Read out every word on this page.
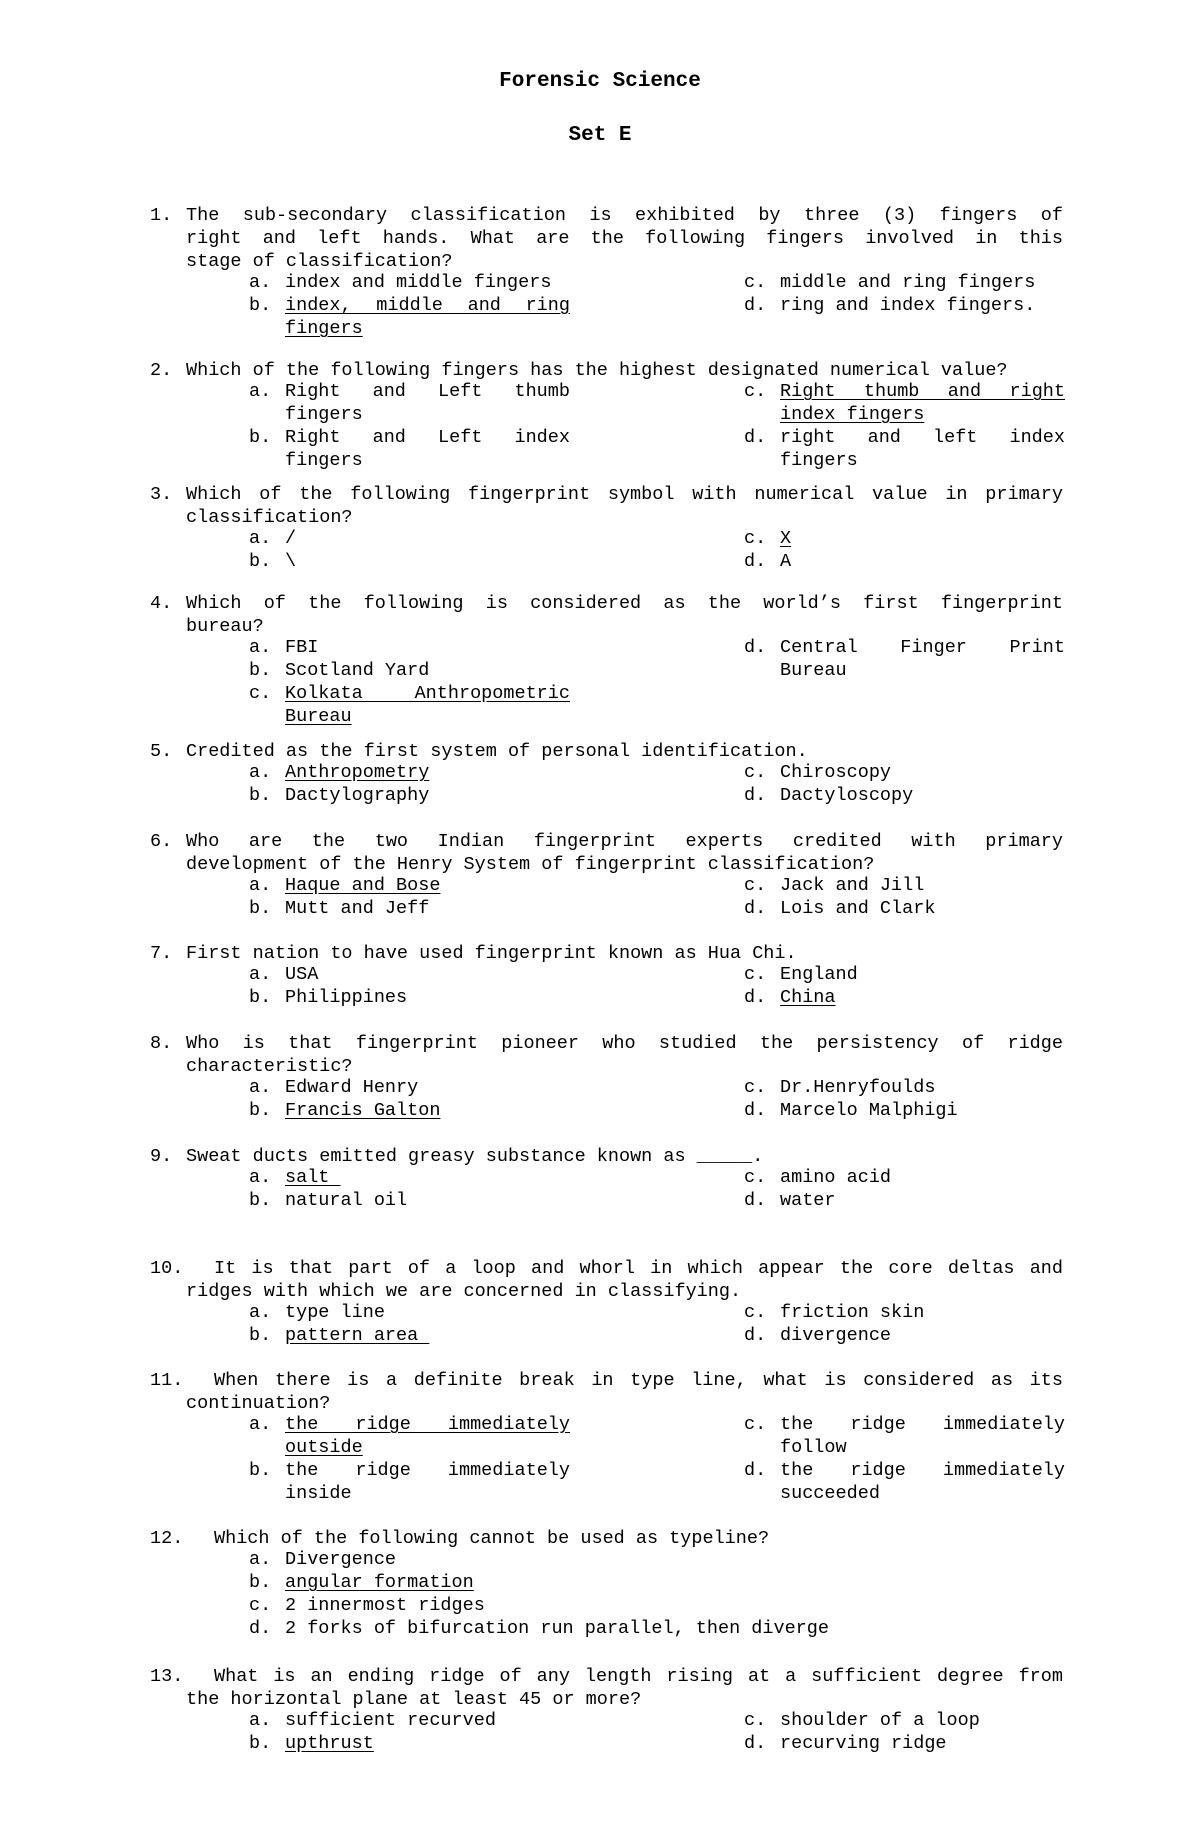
Forensic Science
Set E
1. The sub-secondary classification is exhibited by three (3) fingers of
right and left hands. What are the following fingers involved in this
stage of classification?
a. index and middle fingers
b. index, middle and ring
fingers
c. middle and ring fingers
d. ring and index fingers.
2. Which of the following fingers has the highest designated numerical value?
a. Right and Left thumb
fingers
b. Right and Left index
fingers
c. Right thumb and right
index fingers
d. right and left index
fingers
3. Which of the following fingerprint symbol with numerical value in primary
classification?
a. /
b. \
c. X
d. A
4. Which of the following is considered as the world’s first fingerprint
bureau?
a. FBI
b. Scotland Yard
c. Kolkata Anthropometric
Bureau
d. Central Finger Print
Bureau
5. Credited as the first system of personal identification.
a. Anthropometry
b. Dactylography
c. Chiroscopy
d. Dactyloscopy
6. Who are the two Indian fingerprint experts credited with primary
development of the Henry System of fingerprint classification?
a. Haque and Bose
b. Mutt and Jeff
c. Jack and Jill
d. Lois and Clark
7. First nation to have used fingerprint known as Hua Chi.
a. USA
b. Philippines
c. England
d. China
8. Who is that fingerprint pioneer who studied the persistency of ridge
characteristic?
a. Edward Henry
b. Francis Galton
c. Dr.Henryfoulds
d. Marcelo Malphigi
9. Sweat ducts emitted greasy substance known as _____.
a. salt
b. natural oil
c. amino acid
d. water
10.	It is that part of a loop and whorl in which appear the core deltas and
ridges with which we are concerned in classifying.
a. type line
b. pattern area
c. friction skin
d. divergence
11.	When there is a definite break in type line, what is considered as its
continuation?
a. the ridge immediately
outside
b. the ridge immediately
inside
c. the ridge immediately
follow
d. the ridge immediately
succeeded
12.	Which of the following cannot be used as typeline?
a. Divergence
b. angular formation
c. 2 innermost ridges
d. 2 forks of bifurcation run parallel, then diverge
13.	What is an ending ridge of any length rising at a sufficient degree from
the horizontal plane at least 45 or more?
a. sufficient recurved
b. upthrust
c. shoulder of a loop
d. recurving ridge
